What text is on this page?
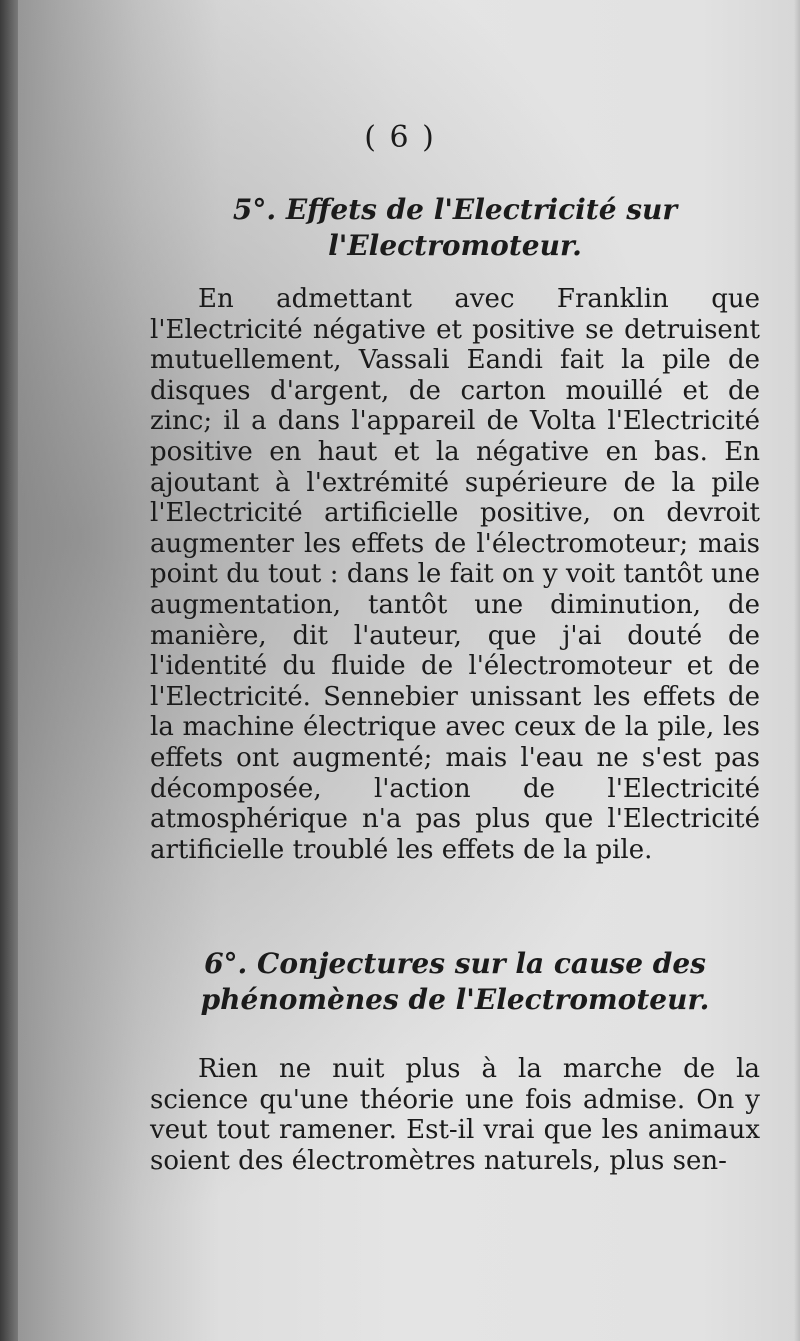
( 6 )
5°. Effets de l'Electricité sur l'Electromoteur.

En admettant avec Franklin que l'Electricité négative et positive se detruisent mutuellement, Vassali Eandi fait la pile de disques d'argent, de carton mouillé et de zinc; il a dans l'appareil de Volta l'Electricité positive en haut et la négative en bas. En ajoutant à l'extrémité supérieure de la pile l'Electricité artificielle positive, on devroit augmenter les effets de l'électromoteur; mais point du tout : dans le fait on y voit tantôt une augmentation, tantôt une diminution, de manière, dit l'auteur, que j'ai douté de l'identité du fluide de l'électromoteur et de l'Electricité. Sennebier unissant les effets de la machine électrique avec ceux de la pile, les effets ont augmenté; mais l'eau ne s'est pas décomposée, l'action de l'Electricité atmosphérique n'a pas plus que l'Electricité artificielle troublé les effets de la pile.

6°. Conjectures sur la cause des phénomènes de l'Electromoteur.

Rien ne nuit plus à la marche de la science qu'une théorie une fois admise. On y veut tout ramener. Est-il vrai que les animaux soient des électromètres naturels, plus sen-
